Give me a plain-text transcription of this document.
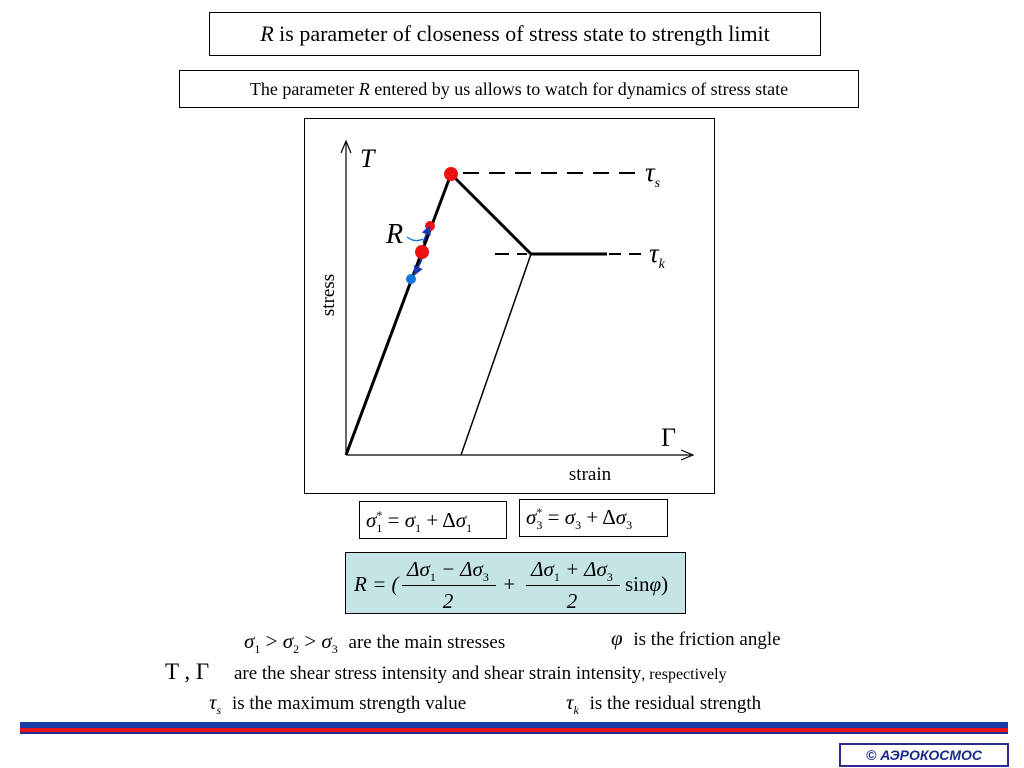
R is parameter of closeness of stress state to strength limit
The parameter R entered by us allows to watch for dynamics of stress state
T
Γ
stress
strain
R
$\tau_s$
$\tau_k$
$\sigma_1^* = \sigma_1 + \Delta\sigma_1$	$\sigma_3^* = \sigma_3 + \Delta\sigma_3$
R = (
$\Delta\sigma_1 - \Delta\sigma_3$
2
+
$\Delta\sigma_1 + \Delta\sigma_3$
2
sinφ)
$\sigma_1 > \sigma_2 > \sigma_3$ are the main stresses	φ is the friction angle
Τ , Γ are the shear stress intensity and shear strain intensity, respectively
$\tau_s$ is the maximum strength value	$\tau_k$ is the residual strength
© АЭРОКОСМОС
